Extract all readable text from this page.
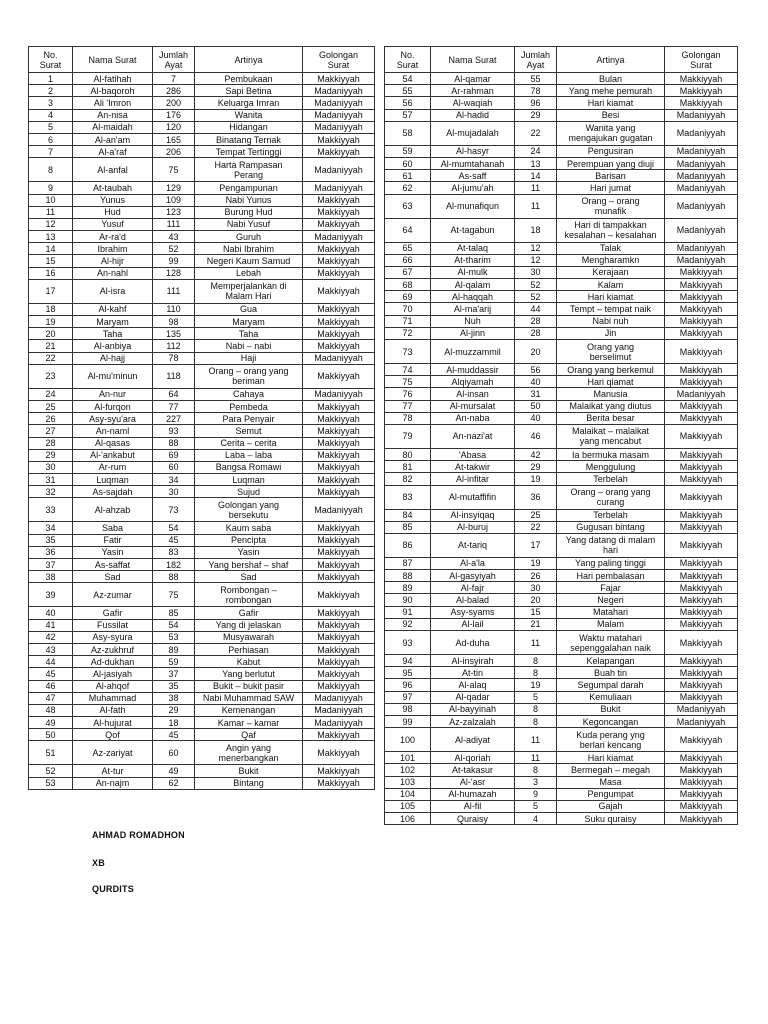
No.
Surat	Nama Surat	Jumlah
Ayat	Artinya	Golongan
Surat
1	Al-fatihah	7	Pembukaan	Makkiyyah
2	Al-baqoroh	286	Sapi Betina	Madaniyyah
3	Ali 'Imron	200	Keluarga Imran	Madaniyyah
4	An-nisa	176	Wanita	Madaniyyah
5	Al-maidah	120	Hidangan	Madaniyyah
6	Al-an'am	165	Binatang Ternak	Makkiyyah
7	Al-a'raf	206	Tempat Tertinggi	Makkiyyah
8	Al-anfal	75	Harta Rampasan
Perang	Madaniyyah
9	At-taubah	129	Pengampunan	Madaniyyah
10	Yunus	109	Nabi Yunus	Makkiyyah
11	Hud	123	Burung Hud	Makkiyyah
12	Yusuf	111	Nabi Yusuf	Makkiyyah
13	Ar-ra'd	43	Guruh	Madaniyyah
14	Ibrahim	52	Nabi Ibrahim	Makkiyyah
15	Al-hijr	99	Negeri Kaum Samud	Makkiyyah
16	An-nahl	128	Lebah	Makkiyyah
17	Al-isra	111	Memperjalankan di
Malam Hari	Makkiyyah
18	Al-kahf	110	Gua	Makkiyyah
19	Maryam	98	Maryam	Makkiyyah
20	Taha	135	Taha	Makkiyyah
21	Al-anbiya	112	Nabi – nabi	Makkiyyah
22	Al-hajj	78	Haji	Madaniyyah
23	Al-mu'minun	118	Orang – orang yang
beriman	Makkiyyah
24	An-nur	64	Cahaya	Madaniyyah
25	Al-furqon	77	Pembeda	Makkiyyah
26	Asy-syu'ara	227	Para Penyair	Makkiyyah
27	An-naml	93	Semut	Makkiyyah
28	Al-qasas	88	Cerita – cerita	Makkiyyah
29	Al-'ankabut	69	Laba – laba	Makkiyyah
30	Ar-rum	60	Bangsa Romawi	Makkiyyah
31	Luqman	34	Luqman	Makkiyyah
32	As-sajdah	30	Sujud	Makkiyyah
33	Al-ahzab	73	Golongan yang
bersekutu	Madaniyyah
34	Saba	54	Kaum saba	Makkiyyah
35	Fatir	45	Pencipta	Makkiyyah
36	Yasin	83	Yasin	Makkiyyah
37	As-saffat	182	Yang bershaf – shaf	Makkiyyah
38	Sad	88	Sad	Makkiyyah
39	Az-zumar	75	Rombongan –
rombongan	Makkiyyah
40	Gafir	85	Gafir	Makkiyyah
41	Fussilat	54	Yang di jelaskan	Makkiyyah
42	Asy-syura	53	Musyawarah	Makkiyyah
43	Az-zukhruf	89	Perhiasan	Makkiyyah
44	Ad-dukhan	59	Kabut	Makkiyyah
45	Al-jasiyah	37	Yang berlutut	Makkiyyah
46	Al-ahqof	35	Bukit – bukit pasir	Makkiyyah
47	Muhammad	38	Nabi Muhammad SAW	Madaniyyah
48	Al-fath	29	Kemenangan	Madaniyyah
49	Al-hujurat	18	Kamar – kamar	Madaniyyah
50	Qof	45	Qaf	Makkiyyah
51	Az-zariyat	60	Angin yang
menerbangkan	Makkiyyah
52	At-tur	49	Bukit	Makkiyyah
53	An-najm	62	Bintang	Makkiyyah
No.
Surat	Nama Surat	Jumlah
Ayat	Artinya	Golongan
Surat
54	Al-qamar	55	Bulan	Makkiyyah
55	Ar-rahman	78	Yang mehe pemurah	Makkiyyah
56	Al-waqiah	96	Hari kiamat	Makkiyyah
57	Al-hadid	29	Besi	Madaniyyah
58	Al-mujadalah	22	Wanita yang
mengajukan gugatan	Madaniyyah
59	Al-hasyr	24	Pengusiran	Madaniyyah
60	Al-mumtahanah	13	Perempuan yang diuji	Madaniyyah
61	As-saff	14	Barisan	Madaniyyah
62	Al-jumu'ah	11	Hari jumat	Madaniyyah
63	Al-munafiqun	11	Orang – orang
munafik	Madaniyyah
64	At-tagabun	18	Hari di tampakkan
kesalahan – kesalahan	Madaniyyah
65	At-talaq	12	Talak	Madaniyyah
66	At-tharim	12	Mengharamkn	Madaniyyah
67	Al-mulk	30	Kerajaan	Makkiyyah
68	Al-qalam	52	Kalam	Makkiyyah
69	Al-haqqah	52	Hari kiamat	Makkiyyah
70	Al-ma'arij	44	Tempt – tempat naik	Makkiyyah
71	Nuh	28	Nabi nuh	Makkiyyah
72	Al-jinn	28	Jin	Makkiyyah
73	Al-muzzammil	20	Orang yang
berselimut	Makkiyyah
74	Al-muddassir	56	Orang yang berkemul	Makkiyyah
75	Alqiyamah	40	Hari qiamat	Makkiyyah
76	Al-insan	31	Manusia	Madaniyyah
77	Al-mursalat	50	Malaikat yang diutus	Makkiyyah
78	An-naba	40	Berita besar	Makkiyyah
79	An-nazi'at	46	Malaikat – malaikat
yang mencabut	Makkiyyah
80	'Abasa	42	Ia bermuka masam	Makkiyyah
81	At-takwir	29	Menggulung	Makkiyyah
82	Al-infitar	19	Terbelah	Makkiyyah
83	Al-mutaffifin	36	Orang – orang yang
curang	Makkiyyah
84	Al-insyiqaq	25	Terbelah	Makkiyyah
85	Al-buruj	22	Gugusan bintang	Makkiyyah
86	At-tariq	17	Yang datang di malam
hari	Makkiyyah
87	Al-a'la	19	Yang paling tinggi	Makkiyyah
88	Al-gasyiyah	26	Hari pembalasan	Makkiyyah
89	Al-fajr	30	Fajar	Makkiyyah
90	Al-balad	20	Negeri	Makkiyyah
91	Asy-syams	15	Matahari	Makkiyyah
92	Al-lail	21	Malam	Makkiyyah
93	Ad-duha	11	Waktu matahari
sepenggalahan naik	Makkiyyah
94	Al-insyirah	8	Kelapangan	Makkiyyah
95	At-tin	8	Buah tin	Makkiyyah
96	Al-alaq	19	Segumpal darah	Makkiyyah
97	Al-qadar	5	Kemuliaan	Makkiyyah
98	Al-bayyinah	8	Bukit	Madaniyyah
99	Az-zalzalah	8	Kegoncangan	Madaniyyah
100	Al-adiyat	11	Kuda perang yng
berlari kencang	Makkiyyah
101	Al-qoriah	11	Hari kiamat	Makkiyyah
102	At-takasur	8	Bermegah – megah	Makkiyyah
103	Al-'asr	3	Masa	Makkiyyah
104	Al-humazah	9	Pengumpat	Makkiyyah
105	Al-fil	5	Gajah	Makkiyyah
106	Quraisy	4	Suku quraisy	Makkiyyah
AHMAD ROMADHON
XB
QURDITS
